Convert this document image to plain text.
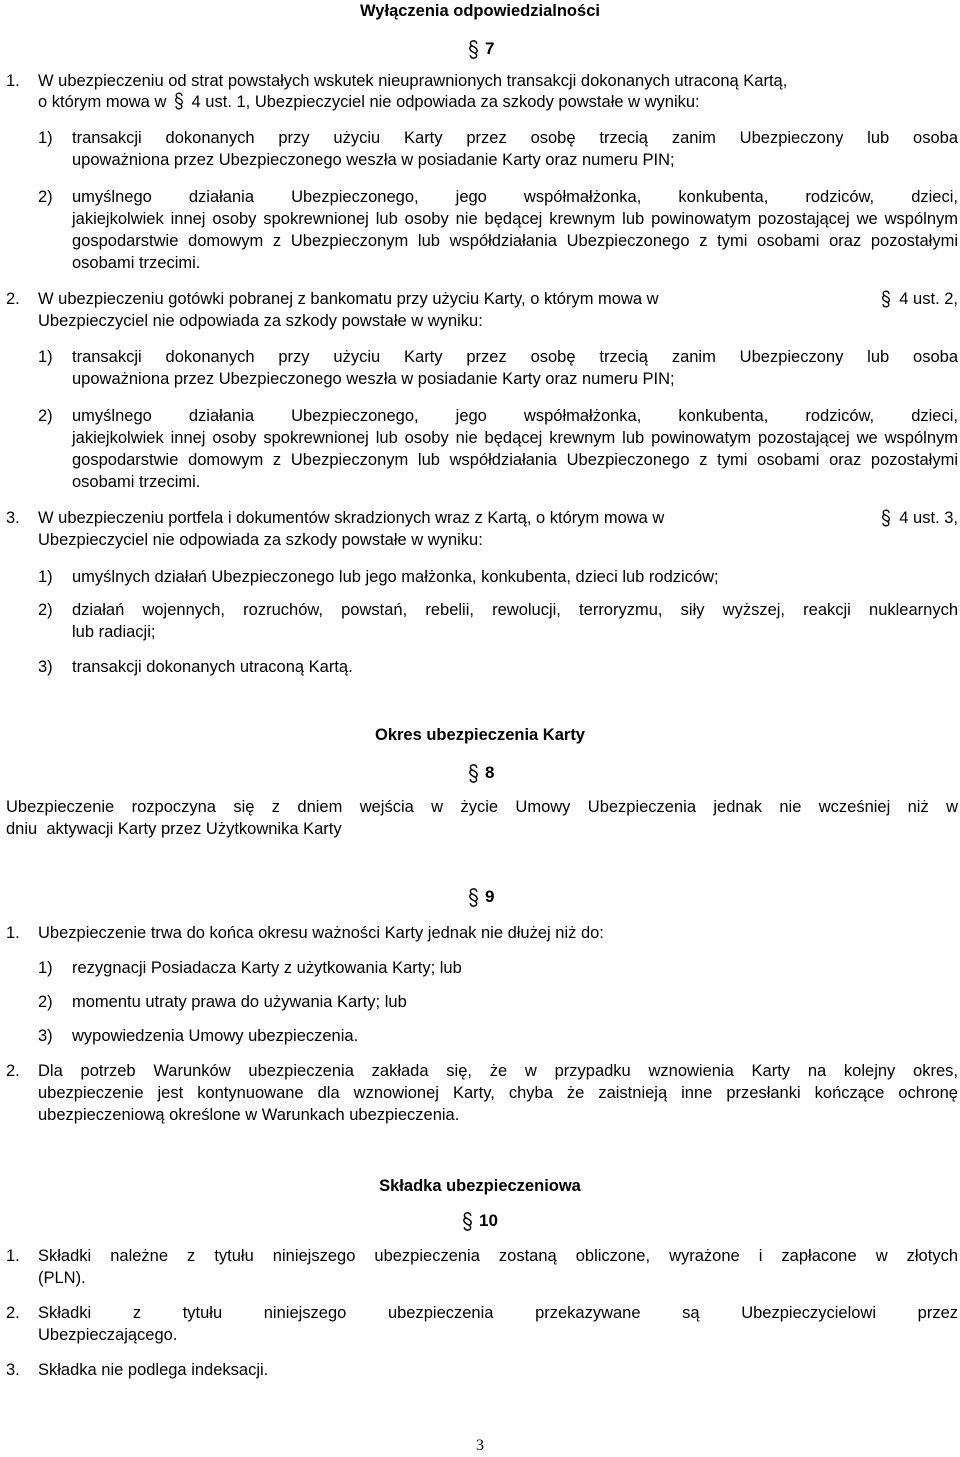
Wyłączenia odpowiedzialności
7
1. W ubezpieczeniu od strat powstałych wskutek nieuprawnionych transakcji dokonanych utraconą Kartą,
o którym mowa w 4 ust. 1, Ubezpieczyciel nie odpowiada za szkody powstałe w wyniku:
1) transakcji dokonanych przy użyciu Karty przez osobę trzecią zanim Ubezpieczony lub osoba
upoważniona przez Ubezpieczonego weszła w posiadanie Karty oraz numeru PIN;
2) umyślnego działania Ubezpieczonego, jego współmałżonka, konkubenta, rodziców, dzieci,
jakiejkolwiek innej osoby spokrewnionej lub osoby nie będącej krewnym lub powinowatym pozostającej we wspólnym gospodarstwie domowym z Ubezpieczonym lub współdziałania Ubezpieczonego z tymi osobami oraz pozostałymi osobami trzecimi.
2. W ubezpieczeniu gotówki pobranej z bankomatu przy użyciu Karty, o którym mowa w	4 ust. 2,
Ubezpieczyciel nie odpowiada za szkody powstałe w wyniku:
1) transakcji dokonanych przy użyciu Karty przez osobę trzecią zanim Ubezpieczony lub osoba
upoważniona przez Ubezpieczonego weszła w posiadanie Karty oraz numeru PIN;
2) umyślnego działania Ubezpieczonego, jego współmałżonka, konkubenta, rodziców, dzieci,
jakiejkolwiek innej osoby spokrewnionej lub osoby nie będącej krewnym lub powinowatym pozostającej we wspólnym gospodarstwie domowym z Ubezpieczonym lub współdziałania Ubezpieczonego z tymi osobami oraz pozostałymi osobami trzecimi.
3. W ubezpieczeniu portfela i dokumentów skradzionych wraz z Kartą, o którym mowa w	4 ust. 3,
Ubezpieczyciel nie odpowiada za szkody powstałe w wyniku:
1) umyślnych działań Ubezpieczonego lub jego małżonka, konkubenta, dzieci lub rodziców;
2) działań wojennych, rozruchów, powstań, rebelii, rewolucji, terroryzmu, siły wyższej, reakcji nuklearnych
lub radiacji;
3) transakcji dokonanych utraconą Kartą.
Okres ubezpieczenia Karty
8
Ubezpieczenie rozpoczyna się z dniem wejścia w życie Umowy Ubezpieczenia jednak nie wcześniej niż w
dniu  aktywacji Karty przez Użytkownika Karty
9
1. Ubezpieczenie trwa do końca okresu ważności Karty jednak nie dłużej niż do:
1) rezygnacji Posiadacza Karty z użytkowania Karty; lub
2) momentu utraty prawa do używania Karty; lub
3) wypowiedzenia Umowy ubezpieczenia.
2. Dla potrzeb Warunków ubezpieczenia zakłada się, że w przypadku wznowienia Karty na kolejny okres,
ubezpieczenie jest kontynuowane dla wznowionej Karty, chyba że zaistnieją inne przesłanki kończące ochronę ubezpieczeniową określone w Warunkach ubezpieczenia.
Składka ubezpieczeniowa
10
1. Składki należne z tytułu niniejszego ubezpieczenia zostaną obliczone, wyrażone i zapłacone w złotych
(PLN).
2. Składki z tytułu niniejszego ubezpieczenia przekazywane są Ubezpieczycielowi przez
Ubezpieczającego.
3. Składka nie podlega indeksacji.
3
